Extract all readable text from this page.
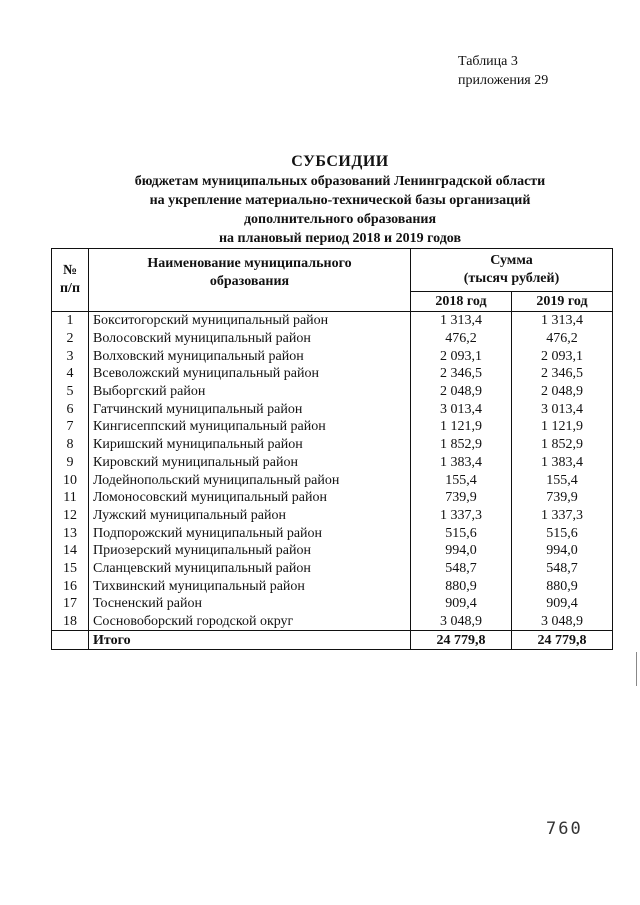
Таблица 3
приложения 29
СУБСИДИИ
бюджетам муниципальных образований Ленинградской области
на укрепление материально-технической базы организаций
дополнительного образования
на плановый период 2018 и 2019 годов
№
п/п	Наименование муниципального образования	Сумма
(тысяч рублей)	
		2018 год	2019 год
1	Бокситогорский муниципальный район	1 313,4	1 313,4
2	Волосовский муниципальный район	476,2	476,2
3	Волховский муниципальный район	2 093,1	2 093,1
4	Всеволожский муниципальный район	2 346,5	2 346,5
5	Выборгский район	2 048,9	2 048,9
6	Гатчинский муниципальный район	3 013,4	3 013,4
7	Кингисеппский муниципальный район	1 121,9	1 121,9
8	Киришский муниципальный район	1 852,9	1 852,9
9	Кировский муниципальный район	1 383,4	1 383,4
10	Лодейнопольский муниципальный район	155,4	155,4
11	Ломоносовский муниципальный район	739,9	739,9
12	Лужский муниципальный район	1 337,3	1 337,3
13	Подпорожский муниципальный район	515,6	515,6
14	Приозерский муниципальный район	994,0	994,0
15	Сланцевский муниципальный район	548,7	548,7
16	Тихвинский муниципальный район	880,9	880,9
17	Тосненский район	909,4	909,4
18	Сосновоборский городской округ	3 048,9	3 048,9
	Итого	24 779,8	24 779,8
760
